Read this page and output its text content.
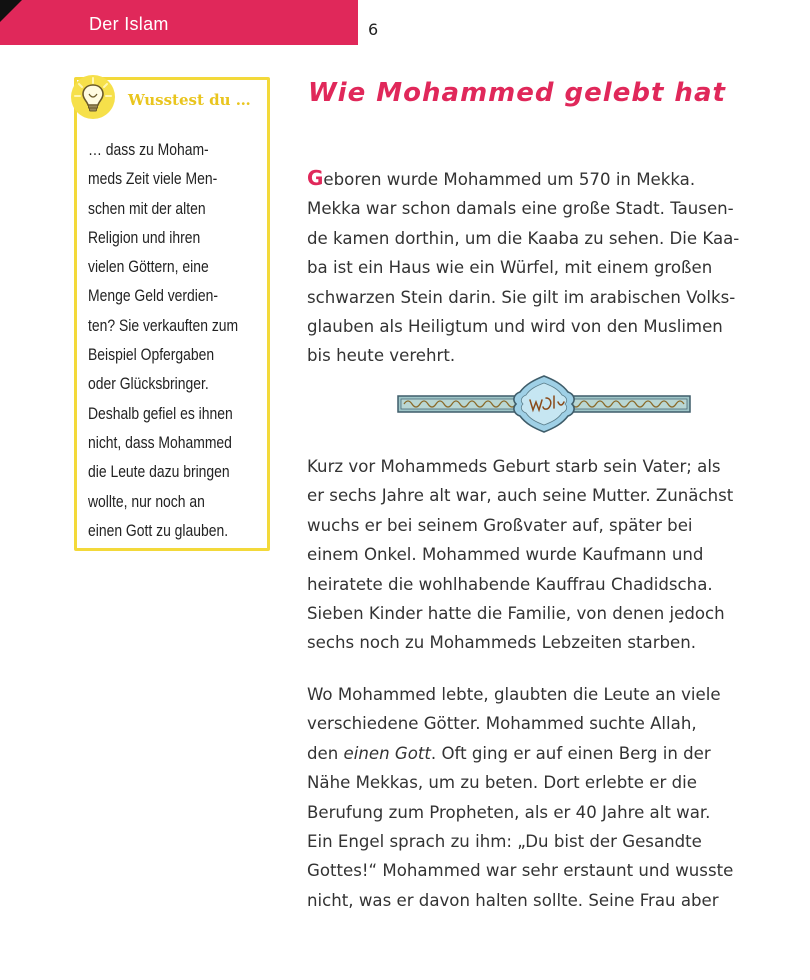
Der Islam	6
Wusstest du …
… dass zu Moham-
meds Zeit viele Men-
schen mit der alten
Religion und ihren
vielen Göttern, eine
Menge Geld verdien-
ten? Sie verkauften zum
Beispiel Opfergaben
oder Glücksbringer.
Deshalb gefiel es ihnen
nicht, dass Mohammed
die Leute dazu bringen
wollte, nur noch an
einen Gott zu glauben.
Wie Mohammed gelebt hat
Geboren wurde Mohammed um 570 in Mekka.
Mekka war schon damals eine große Stadt. Tausen-
de kamen dorthin, um die Kaaba zu sehen. Die Kaa-
ba ist ein Haus wie ein Würfel, mit einem großen
schwarzen Stein darin. Sie gilt im arabischen Volks-
glauben als Heiligtum und wird von den Muslimen
bis heute verehrt.
Kurz vor Mohammeds Geburt starb sein Vater; als
er sechs Jahre alt war, auch seine Mutter. Zunächst
wuchs er bei seinem Großvater auf, später bei
einem Onkel. Mohammed wurde Kaufmann und
heiratete die wohlhabende Kauffrau Chadidscha.
Sieben Kinder hatte die Familie, von denen jedoch
sechs noch zu Mohammeds Lebzeiten starben.
Wo Mohammed lebte, glaubten die Leute an viele
verschiedene Götter. Mohammed suchte Allah,
den einen Gott. Oft ging er auf einen Berg in der
Nähe Mekkas, um zu beten. Dort erlebte er die
Berufung zum Propheten, als er 40 Jahre alt war.
Ein Engel sprach zu ihm: „Du bist der Gesandte
Gottes!“ Mohammed war sehr erstaunt und wusste
nicht, was er davon halten sollte. Seine Frau aber
